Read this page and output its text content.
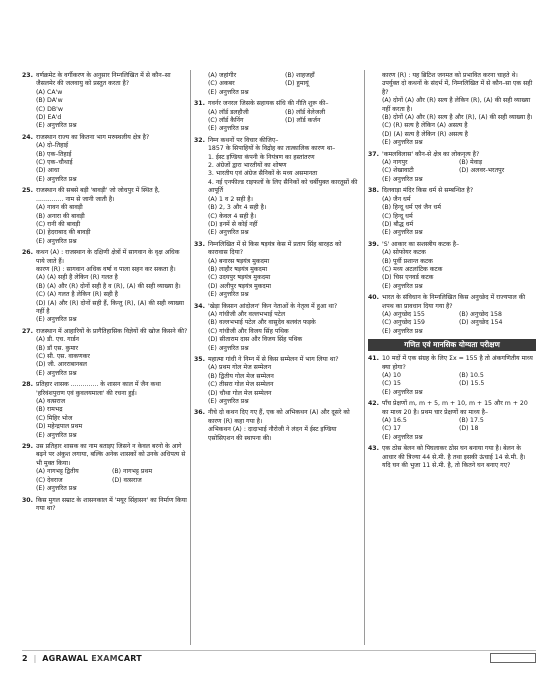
23. वर्णक्रमेट के वर्गीकरण के अनुसार निम्नलिखित में से कौन–सा जैसलमेर की जलवायु को प्रस्तुत करता है?
(A) CA'w
(B) DA'w
(C) DB'w
(D) EA'd
(E) अनुत्तरित प्रश्न
24. राजस्थान राज्य का कितना भाग मरुस्थलीय क्षेत्र है?
(A) दो–तिहाई
(B) एक–तिहाई
(C) एक–चौथाई
(D) आधा
(E) अनुत्तरित प्रश्न
25. राजस्थान की सबसे बड़ी 'बावड़ी' जो जोधपुर में स्थित है, .............. नाम से जानी जाती है।
(A) नावन की बावड़ी
(B) अनारा की बावड़ी
(C) रानी की बावड़ी
(D) हेदराबाद की बावड़ी
(E) अनुत्तरित प्रश्न
26. कथन (A) : राजस्थान के दक्षिणी क्षेत्रों में सागवान के वृक्ष अधिक पाये जाते हैं।
कारण (R) : सागवान अधिक वर्षा व पाला सहन कर सकता है।
(A) (A) सही है लेकिन (R) गलत है
(B) (A) और (R) दोनों सही है व (R), (A) की सही व्याख्या है।
(C) (A) गलत है लेकिन (R) सही है
(D) (A) और (R) दोनों सही हैं, किन्तु (R), (A) की सही व्याख्या नहीं है
(E) अनुत्तरित प्रश्न
27. राजस्थान में आहारियों के प्रागैतिहासिक विज्ञेयों की खोज किसने की?
(A) डी. एच. गार्डन
(B) डॉ एस. कुमार
(C) सी. एस. वाकणकर
(D) जी. आरराबानबल
(E) अनुत्तरित प्रश्न
28. प्रतिहार शासक .............. के शासन काल में जैन कथा 'हरिवंशपुराण एवं कुवलयमाला' की रचना हुई।
(A) वत्सराज
(B) रामभद्र
(C) मिहिर भोज
(D) महेन्द्रपाल प्रथम
(E) अनुत्तरित प्रश्न
29. उस प्रतिहार शासक का नाम बताइए जिसने न केवल बरनो के आगे बढ़ने पर अंकुश लगाया, बल्कि अनेक शासकों को उनके अधिपत्य से भी मुक्त किया।
(A) नागभट्ट द्वितीय	(B) नागभट्ट प्रथम
(C) देवराज	(D) वत्सराज
(E) अनुत्तरित प्रश्न
30. किस मुगल सम्राट के शासनकाल में 'मयूर सिंहासन' का निर्माण किया गया था?
(A) जहांगीर	(B) शाहजहाँ
(C) अकबर	(D) हुमायूं
(E) अनुत्तरित प्रश्न
31. गवर्नर जनरल जिसके सहायक संधि की नीति शुरू की–
(A) लॉर्ड डलहौजी	(B) लॉर्ड वेलेजली
(C) लॉर्ड कैनिंग	(D) लॉर्ड कर्जन
(E) अनुत्तरित प्रश्न
32. निम्न कथनों पर विचार कीजिए–
1857 के सिपाहियों के विद्रोह का तात्कालिक कारण था–
1. ईस्ट इण्डिया कंपनी के नियंत्रण का हस्तांतरण
2. अंग्रेजों द्वारा भारतीयों का शोषण
3. भारतीय एवं अंग्रेज सैनिकों के मध्य असमानता
4. नई एनफील्ड राइफलों के लिए सैनिकों को चर्बीयुक्त कारतूसों की आपूर्ति
(A) 1 व 2 सही है।
(B) 2, 3 और 4 सही है।
(C) केवल 4 सही है।
(D) इनमें से कोई नहीं
(E) अनुत्तरित प्रश्न
33. निम्नलिखित में से किस षड़यंत्र केस में प्रताप सिंह बारहठ को कारावास दिया?
(A) बनारस षड़यंत्र मुकदमा
(B) लाहौर षड़यंत्र मुकदमा
(C) उदयपुर षड़यंत्र मुकदमा
(D) अलीपुर षड़यंत्र मुकदमा
(E) अनुत्तरित प्रश्न
34. 'खेड़ा किसान आंदोलन' किन नेताओं के नेतृत्व में हुआ था?
(A) गांधीजी और वल्लभभाई पटेल
(B) वल्लभभाई पटेल और वासुदेव बलवंत फड़के
(C) गांधीजी और विजय सिंह पथिक
(D) सीताराम दास और विजय सिंह पथिक
(E) अनुत्तरित प्रश्न
35. महात्मा गांधी ने निम्न में से किस सम्मेलन में भाग लिया था?
(A) प्रथम गोल मेज सम्मेलन
(B) द्वितीय गोल मेज सम्मेलन
(C) तीसरा गोल मेज सम्मेलन
(D) चौथा गोल मेज सम्मेलन
(E) अनुत्तरित प्रश्न
36. नीचे दो कथन दिए गए हैं, एक को अभिकथन (A) और दूसरे को कारण (R) कहा गया है।
अभिकथन (A) : दादाभाई नौरोजी ने लंदन में ईस्ट इण्डिया एसोसिएशन की स्थापना की।
कारण (R) : यह ब्रिटिश जनमत को प्रभावित करना चाहते थे।
उपर्युक्त दो कथनों के संदर्भ में, निम्नलिखित में से कौन–सा एक सही है?
(A) दोनों (A) और (R) सत्य है लेकिन (R), (A) की सही व्याख्या नहीं करता है।
(B) दोनों (A) और (R) सत्य है और (R), (A) की सही व्याख्या है।
(C) (R) सत्य है लेकिन (A) असत्य है
(D) (A) सत्य है लेकिन (R) असत्य है
(E) अनुत्तरित प्रश्न
37. 'कमलविलास' कौन-से क्षेत्र का लोकनृत्य है?
(A) नागपुर	(B) मेवाड़
(C) शेखावाटी	(D) अलवर-भरतपुर
(E) अनुत्तरित प्रश्न
38. दिलवाड़ा मंदिर किस धर्म से सम्बन्धित है?
(A) जैन धर्म
(B) हिन्दू धर्म एवं जैन धर्म
(C) हिन्दू धर्म
(D) बौद्ध धर्म
(E) अनुत्तरित प्रश्न
39. 'S' आकार का सशस्त्रीय कटक है–
(A) सोफोयर कटक
(B) पूर्वी प्रशान्त कटक
(C) मध्य अटलांटिक कटक
(D) चिस एनवर्ड कटक
(E) अनुत्तरित प्रश्न
40. भारत के संविधान के निम्नलिखित किस अनुच्छेद में राज्यपाल की शपथ का प्रावधान दिया गया है?
(A) अनुच्छेद 155	(B) अनुच्छेद 158
(C) अनुच्छेद 159	(D) अनुच्छेद 154
(E) अनुत्तरित प्रश्न
गणित एवं मानसिक योग्यता परीक्षण
41. 10 मदों में एक संग्रह के लिए Σx = 155 है तो अंकगणितीय माध्य क्या होगा?
(A) 10	(B) 10.5
(C) 15	(D) 15.5
(E) अनुत्तरित प्रश्न
42. पाँच प्रेक्षणों m, m + 5, m + 10, m + 15 और m + 20 का माध्य 20 है। प्रथम चार प्रेक्षणों का माध्य है–
(A) 16.5	(B) 17.5
(C) 17	(D) 18
(E) अनुत्तरित प्रश्न
43. एक ठोस बेलन को पिघलाकर ठोस घन बनाया गया है। बेलन के आधार की त्रिज्या 44 से.मी. है तथा इसकी ऊंचाई 14 से.मी. है। यदि घन की भुजा 11 से.मी. है, तो कितने घन बनाए गए?
2 | AGRAWAL EXAMCART
